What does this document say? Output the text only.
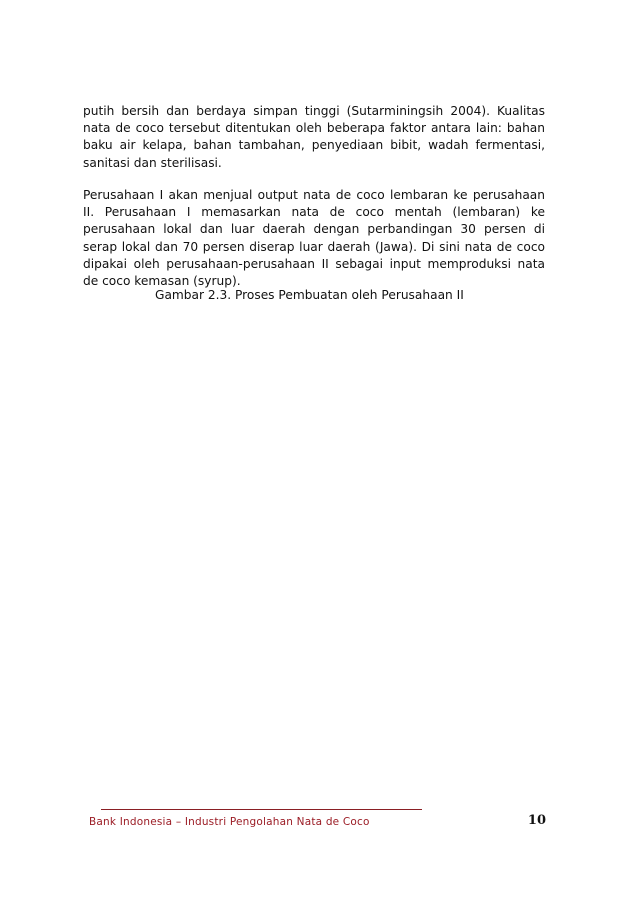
putih bersih dan berdaya simpan tinggi (Sutarminingsih 2004). Kualitas nata de coco tersebut ditentukan oleh beberapa faktor antara lain: bahan baku air kelapa, bahan tambahan, penyediaan bibit, wadah fermentasi, sanitasi dan sterilisasi.

Perusahaan I akan menjual output nata de coco lembaran ke perusahaan II. Perusahaan I memasarkan nata de coco mentah (lembaran) ke perusahaan lokal dan luar daerah dengan perbandingan 30 persen di serap lokal dan 70 persen diserap luar daerah (Jawa). Di sini nata de coco dipakai oleh perusahaan-perusahaan II sebagai input memproduksi nata de coco kemasan (syrup).

Gambar 2.3. Proses Pembuatan oleh Perusahaan II

Bank Indonesia – Industri Pengolahan Nata de Coco	10
